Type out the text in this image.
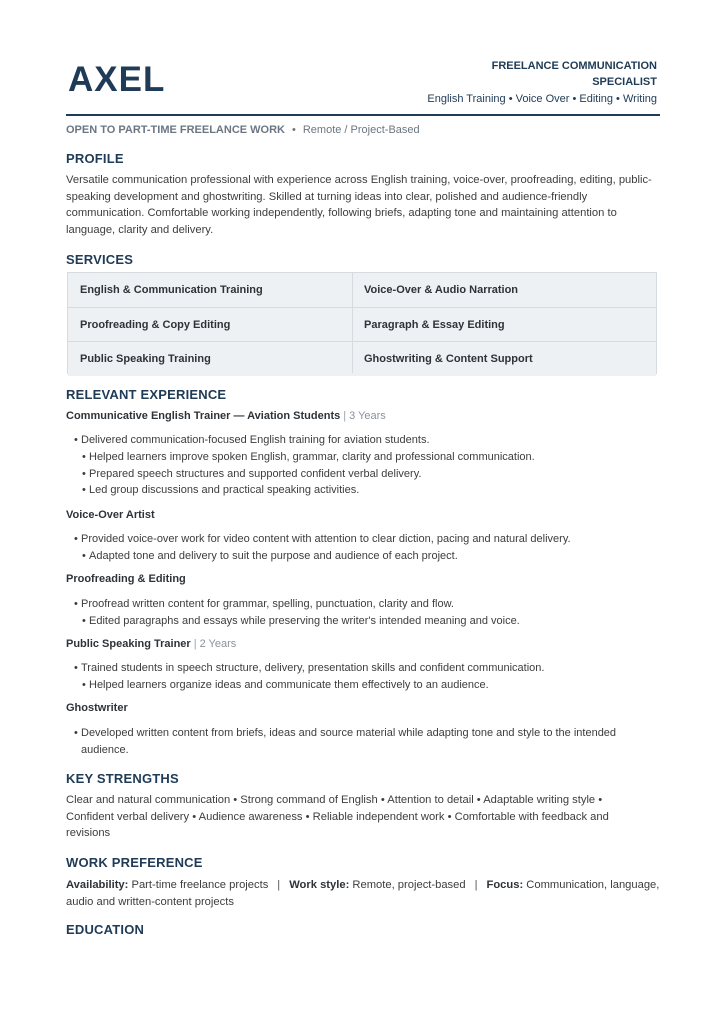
AXEL	FREELANCE COMMUNICATION
SPECIALIST
English Training • Voice Over • Editing • Writing
OPEN TO PART-TIME FREELANCE WORK • Remote / Project-Based
PROFILE
Versatile communication professional with experience across English training, voice-over, proofreading, editing, public-speaking development and ghostwriting. Skilled at turning ideas into clear, polished and audience-friendly communication. Comfortable working independently, following briefs, adapting tone and maintaining attention to language, clarity and delivery.
SERVICES
English & Communication Training	Voice-Over & Audio Narration
Proofreading & Copy Editing	Paragraph & Essay Editing
Public Speaking Training	Ghostwriting & Content Support
RELEVANT EXPERIENCE
Communicative English Trainer — Aviation Students | 3 Years
• Delivered communication-focused English training for aviation students.
• Helped learners improve spoken English, grammar, clarity and professional communication.
• Prepared speech structures and supported confident verbal delivery.
• Led group discussions and practical speaking activities.
Voice-Over Artist
• Provided voice-over work for video content with attention to clear diction, pacing and natural delivery.
• Adapted tone and delivery to suit the purpose and audience of each project.
Proofreading & Editing
• Proofread written content for grammar, spelling, punctuation, clarity and flow.
• Edited paragraphs and essays while preserving the writer's intended meaning and voice.
Public Speaking Trainer | 2 Years
• Trained students in speech structure, delivery, presentation skills and confident communication.
• Helped learners organize ideas and communicate them effectively to an audience.
Ghostwriter
• Developed written content from briefs, ideas and source material while adapting tone and style to the intended audience.
KEY STRENGTHS
Clear and natural communication • Strong command of English • Attention to detail • Adaptable writing style • Confident verbal delivery • Audience awareness • Reliable independent work • Comfortable with feedback and revisions
WORK PREFERENCE
Availability: Part-time freelance projects | Work style: Remote, project-based | Focus: Communication, language, audio and written-content projects
EDUCATION
